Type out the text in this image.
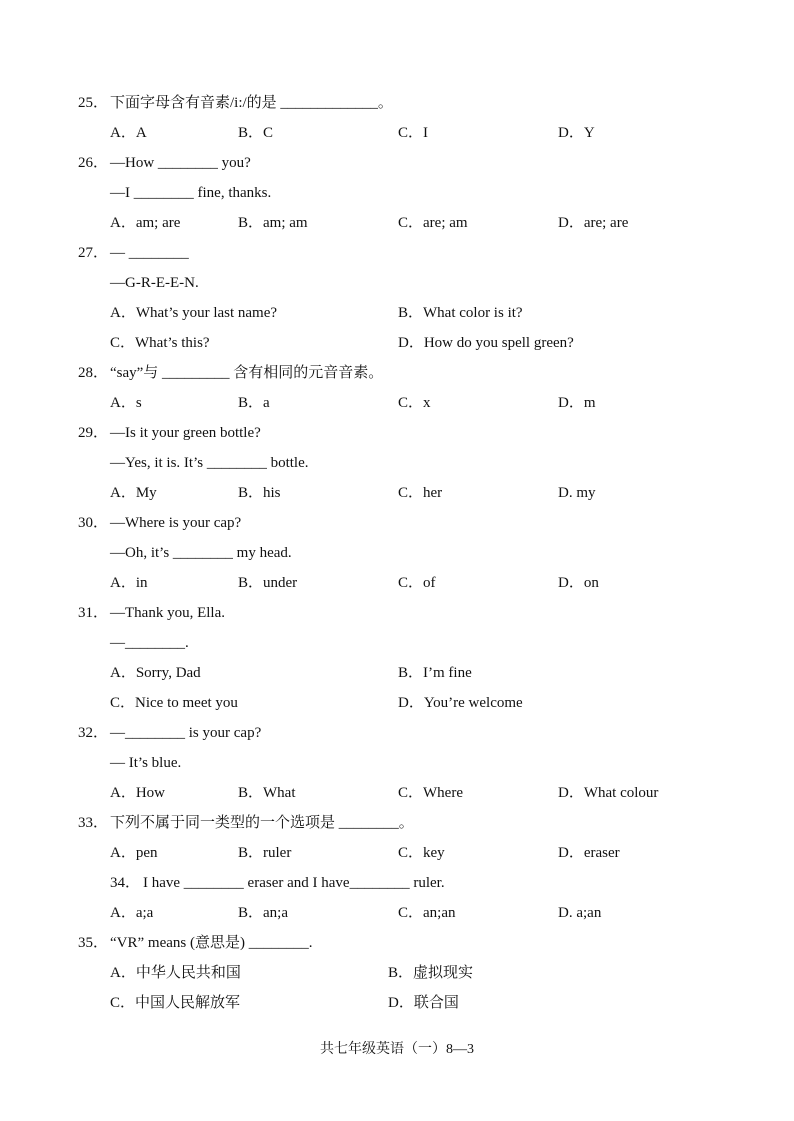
25． 下面字母含有音素/i:/的是 _____________。
A．A	B．C	C．I	D．Y
26． —How ________ you?
—I ________ fine, thanks.
A．am; are	B．am; am	C．are; am	D．are; are
27． — ________
—G-R-E-E-N.
A．What’s your last name?	B．What color is it?
C．What’s this?	D．How do you spell green?
28． “say”与 _________ 含有相同的元音音素。
A．s	B．a	C．x	D．m
29． —Is it your green bottle?
—Yes, it is. It’s ________ bottle.
A．My	B．his	C．her	D. my
30． —Where is your cap?
—Oh, it’s ________ my head.
A．in	B．under	C．of	D．on
31． —Thank you, Ella.
—________.
A．Sorry, Dad	B．I’m fine
C．Nice to meet you	D．You’re welcome
32． —________ is your cap?
— It’s blue.
A．How	B．What	C．Where	D．What colour
33． 下列不属于同一类型的一个选项是 ________。
A．pen	B．ruler	C．key	D．eraser
34． I have ________ eraser and I have________ ruler.
A．a;a	B．an;a	C．an;an	D. a;an
35． “VR” means (意思是) ________.
A．中华人民共和国	B．虚拟现实
C．中国人民解放军	D．联合国
共七年级英语（一）8—3
